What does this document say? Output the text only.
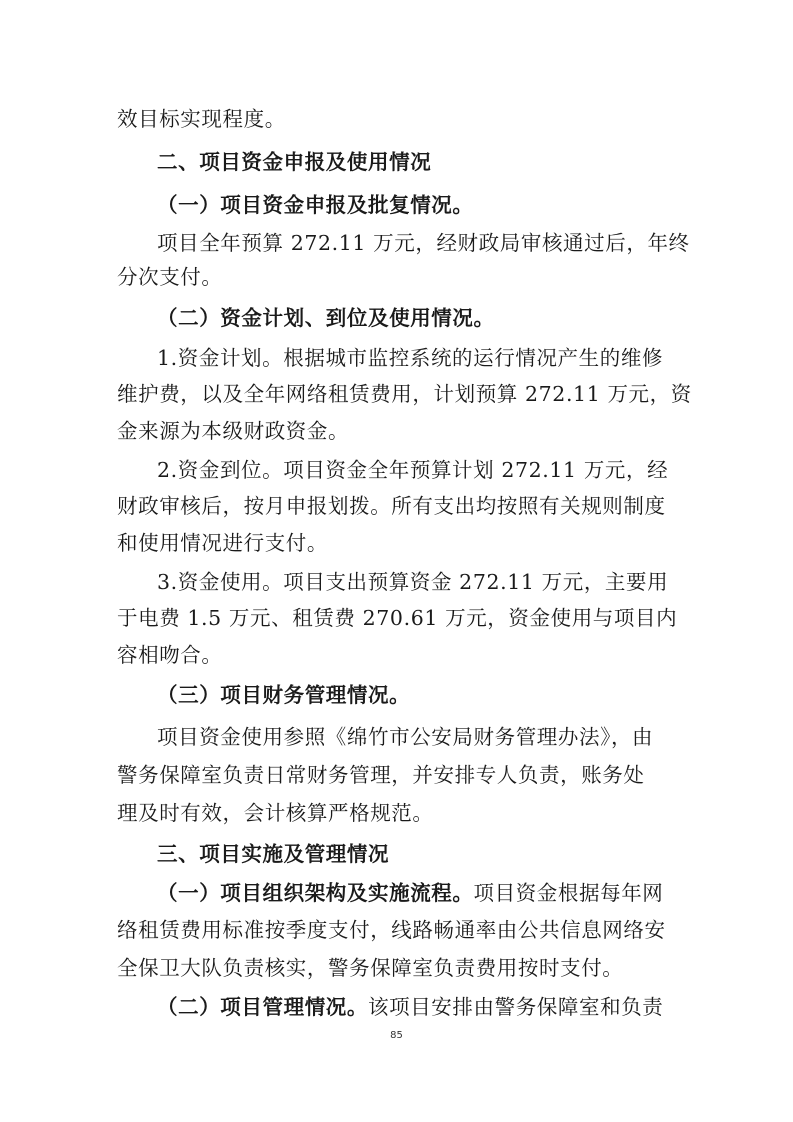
效目标实现程度。
二、项目资金申报及使用情况
（一）项目资金申报及批复情况。
项目全年预算 272.11 万元，经财政局审核通过后，年终
分次支付。
（二）资金计划、到位及使用情况。
1.资金计划。根据城市监控系统的运行情况产生的维修
维护费，以及全年网络租赁费用，计划预算 272.11 万元，资
金来源为本级财政资金。
2.资金到位。项目资金全年预算计划 272.11 万元，经
财政审核后，按月申报划拨。所有支出均按照有关规则制度
和使用情况进行支付。
3.资金使用。项目支出预算资金 272.11 万元，主要用
于电费 1.5 万元、租赁费 270.61 万元，资金使用与项目内
容相吻合。
（三）项目财务管理情况。
项目资金使用参照《绵竹市公安局财务管理办法》，由
警务保障室负责日常财务管理，并安排专人负责，账务处
理及时有效，会计核算严格规范。
三、项目实施及管理情况
（一）项目组织架构及实施流程。项目资金根据每年网
络租赁费用标准按季度支付，线路畅通率由公共信息网络安
全保卫大队负责核实，警务保障室负责费用按时支付。
（二）项目管理情况。该项目安排由警务保障室和负责
85
